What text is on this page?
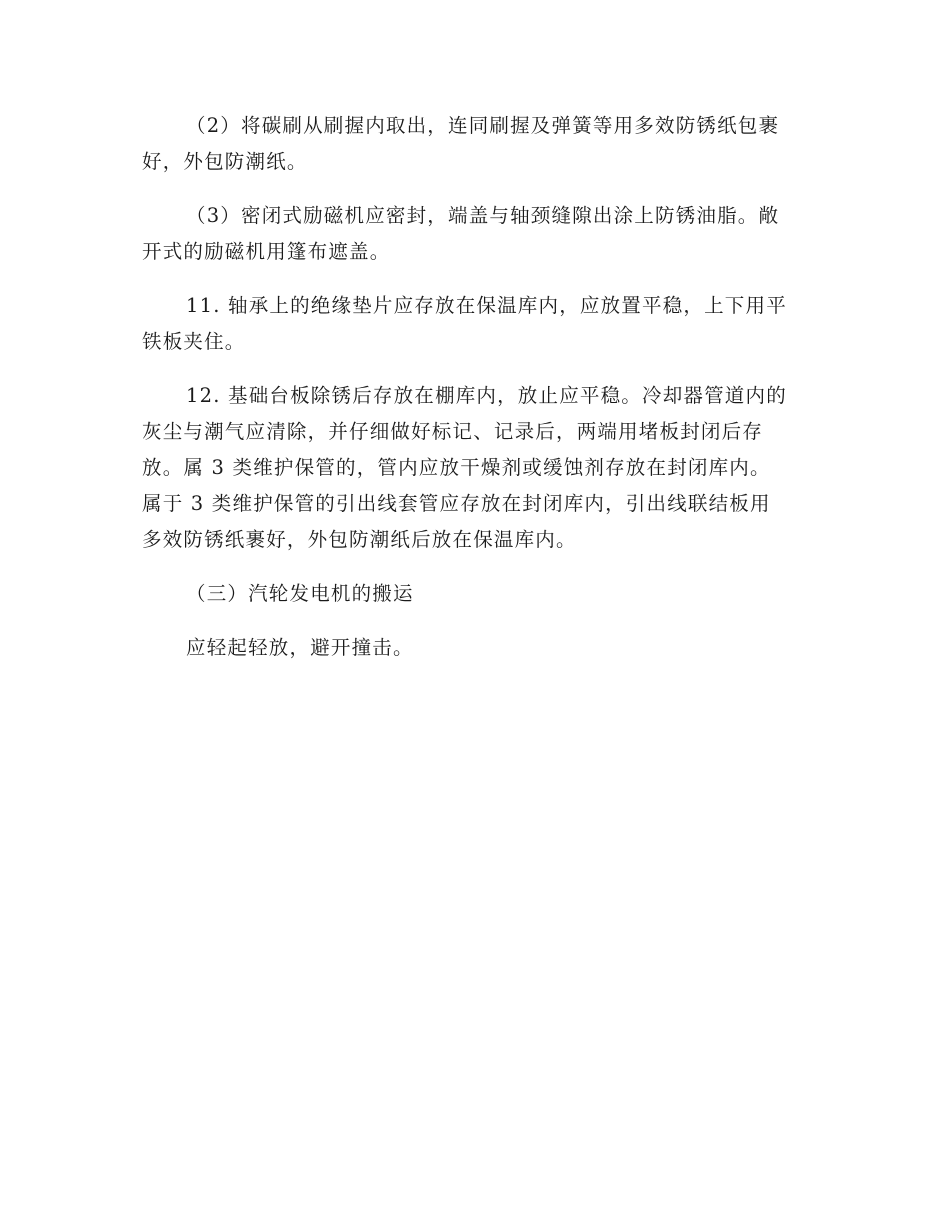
（2）将碳刷从刷握内取出，连同刷握及弹簧等用多效防锈纸包裹
好，外包防潮纸。

（3）密闭式励磁机应密封，端盖与轴颈缝隙出涂上防锈油脂。敞
开式的励磁机用篷布遮盖。

11. 轴承上的绝缘垫片应存放在保温库内，应放置平稳，上下用平
铁板夹住。

12. 基础台板除锈后存放在棚库内，放止应平稳。冷却器管道内的
灰尘与潮气应清除，并仔细做好标记、记录后，两端用堵板封闭后存
放。属 3 类维护保管的，管内应放干燥剂或缓蚀剂存放在封闭库内。
属于 3 类维护保管的引出线套管应存放在封闭库内，引出线联结板用
多效防锈纸裹好，外包防潮纸后放在保温库内。

（三）汽轮发电机的搬运

应轻起轻放，避开撞击。
